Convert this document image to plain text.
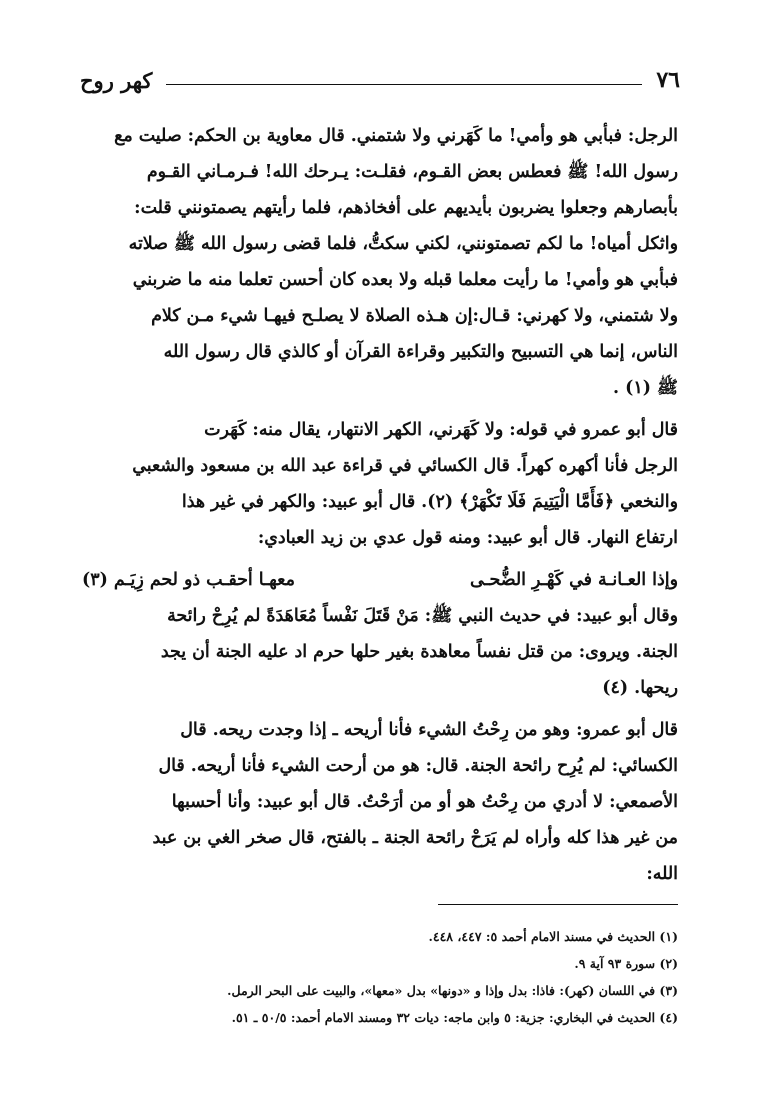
٧٦
كهر روح

الرجل: فبأبي هو وأمي! ما كَهَرني ولا شتمني. قال معاوية بن الحكم: صليت مع
رسول الله! ﷺ فعطس بعض القـوم، فقلـت: يـرحك الله! فـرمـاني القـوم
بأبصارهم وجعلوا يضربون بأيديهم على أفخاذهم، فلما رأيتهم يصمتونني قلت:
واثكل أمياه! ما لكم تصمتونني، لكني سكتُّ، فلما قضى رسول الله ﷺ صلاته
فبأبي هو وأمي! ما رأيت معلما قبله ولا بعده كان أحسن تعلما منه ما ضربني
ولا شتمني، ولا كهرني: قـال:إن هـذه الصلاة لا يصلـح فيهـا شيء مـن كلام
الناس، إنما هي التسبيح والتكبير وقراءة القرآن أو كالذي قال رسول الله
ﷺ (١) .

قال أبو عمرو في قوله: ولا كَهَرني، الكهر الانتهار، يقال منه: كَهَرت
الرجل فأنا أكهره كهراً. قال الكسائي في قراءة عبد الله بن مسعود والشعبي
والنخعي ﴿فَأَمَّا الْيَتِيمَ فَلَا تَكْهَرْ﴾ (٢). قال أبو عبيد: والكهر في غير هذا
ارتفاع النهار. قال أبو عبيد: ومنه قول عدي بن زيد العبادي:

وإذا العـانـة في كَهْـرِ الضُّحـى
معهـا أحقـب ذو لحم زِيَـم (٣)

وقال أبو عبيد: في حديث النبي ﷺ: مَنْ قَتَلَ نَفْساً مُعَاهَدَةً لم يُرِحْ رائحة
الجنة. ويروى: من قتل نفساً معاهدة بغير حلها حرم اد عليه الجنة أن يجد
ريحها. (٤)

قال أبو عمرو: وهو من رِحْتُ الشيء فأنا أريحه ـ إذا وجدت ريحه. قال
الكسائي: لم يُرِح رائحة الجنة. قال: هو من أرحت الشيء فأنا أريحه. قال
الأصمعي: لا أدري من رِحْتُ هو أو من أرَحْتُ. قال أبو عبيد: وأنا أحسبها
من غير هذا كله وأراه لم يَرَحْ رائحة الجنة ـ بالفتح، قال صخر الغي بن عبد
الله:

(١) الحديث في مسند الامام أحمد ٥: ٤٤٧، ٤٤٨.
(٢) سورة ٩٣ آية ٩.
(٣) في اللسان (كهر): فاذا: بدل وإذا و «دونها» بدل «معها»، والبيت على البحر الرمل.
(٤) الحديث في البخاري: جزية: ٥ وابن ماجه: ديات ٣٢ ومسند الامام أحمد: ٥٠/٥ ـ ٥١.
